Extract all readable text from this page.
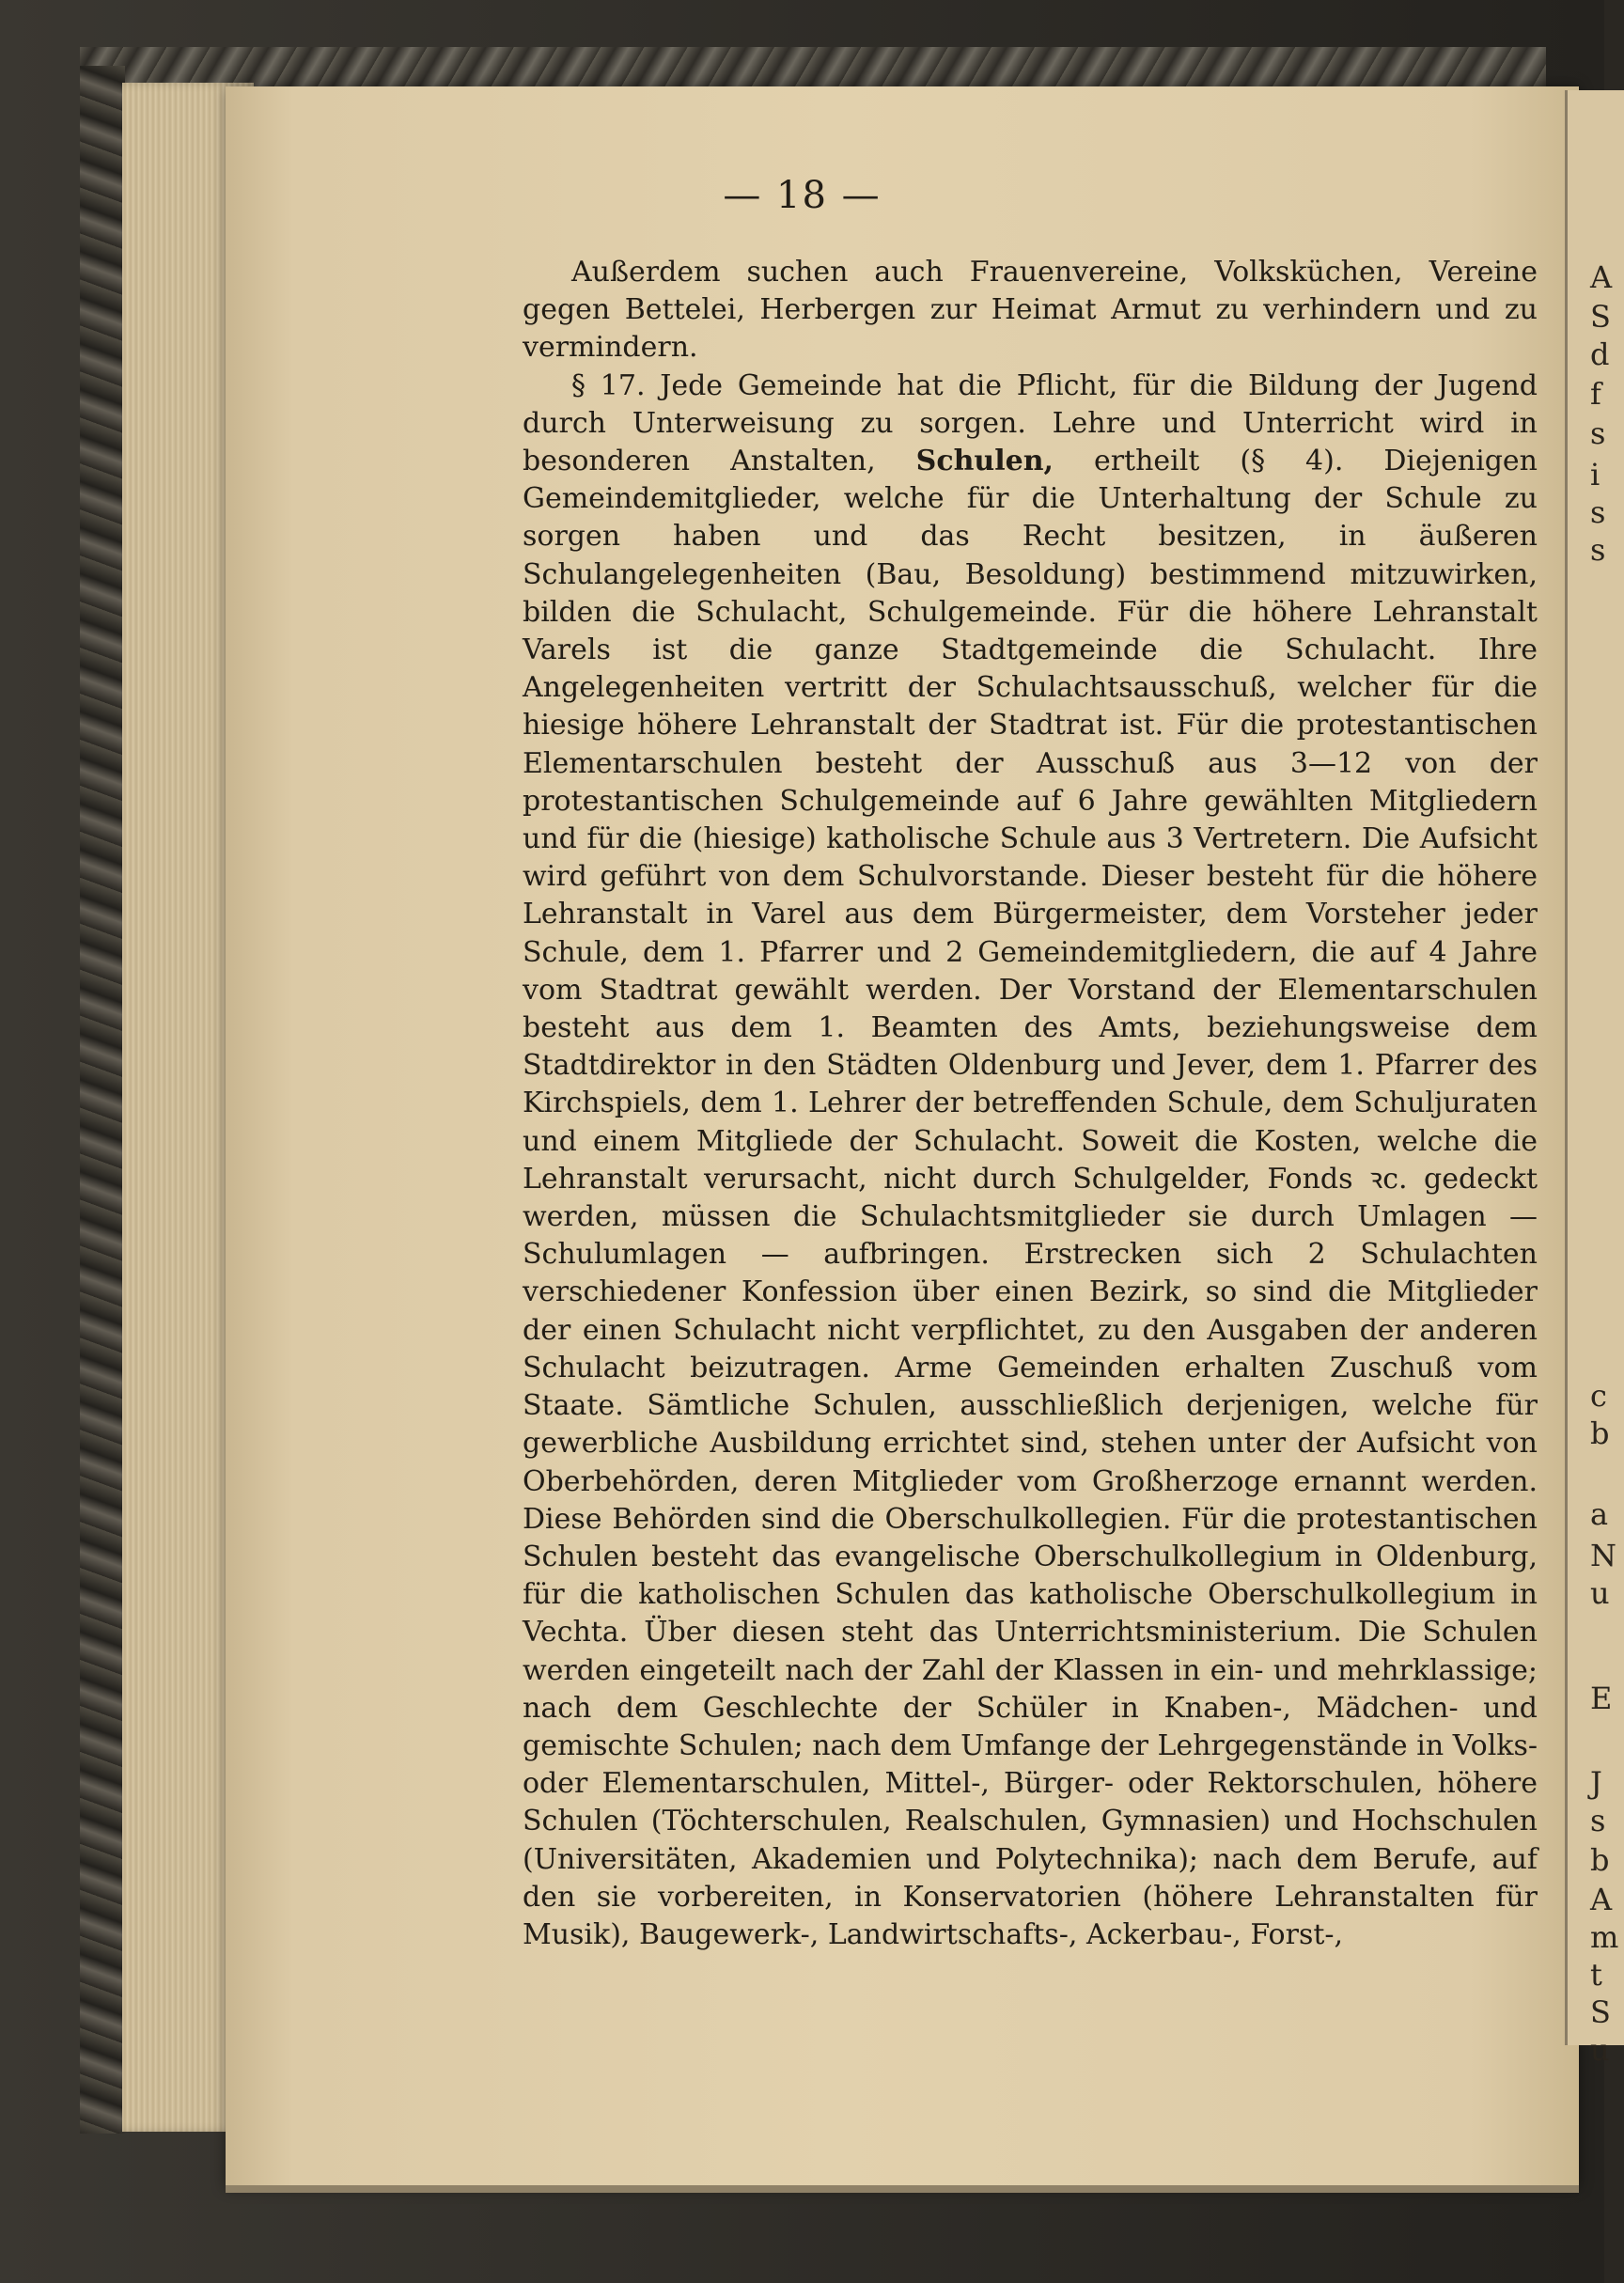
A
S
d
f
s
i
s
s
c
b
a
N
u
E
J
s
b
A
m
t
S
u
— 18 —

Außerdem suchen auch Frauenvereine, Volksküchen, Vereine gegen Bettelei, Herbergen zur Heimat Armut zu verhindern und zu vermindern.

§ 17. Jede Gemeinde hat die Pflicht, für die Bildung der Jugend durch Unterweisung zu sorgen. Lehre und Unterricht wird in besonderen Anstalten, Schulen, ertheilt (§ 4). Diejenigen Gemeindemitglieder, welche für die Unterhaltung der Schule zu sorgen haben und das Recht besitzen, in äußeren Schulangelegenheiten (Bau, Besoldung) bestimmend mitzuwirken, bilden die Schulacht, Schulgemeinde. Für die höhere Lehranstalt Varels ist die ganze Stadtgemeinde die Schulacht. Ihre Angelegenheiten vertritt der Schulachtsausschuß, welcher für die hiesige höhere Lehranstalt der Stadtrat ist. Für die protestantischen Elementarschulen besteht der Ausschuß aus 3—12 von der protestantischen Schulgemeinde auf 6 Jahre gewählten Mitgliedern und für die (hiesige) katholische Schule aus 3 Vertretern. Die Aufsicht wird geführt von dem Schulvorstande. Dieser besteht für die höhere Lehranstalt in Varel aus dem Bürgermeister, dem Vorsteher jeder Schule, dem 1. Pfarrer und 2 Gemeindemitgliedern, die auf 4 Jahre vom Stadtrat gewählt werden. Der Vorstand der Elementarschulen besteht aus dem 1. Beamten des Amts, beziehungsweise dem Stadtdirektor in den Städten Oldenburg und Jever, dem 1. Pfarrer des Kirchspiels, dem 1. Lehrer der betreffenden Schule, dem Schuljuraten und einem Mitgliede der Schulacht. Soweit die Kosten, welche die Lehranstalt verursacht, nicht durch Schulgelder, Fonds ꝛc. gedeckt werden, müssen die Schulachtsmitglieder sie durch Umlagen — Schulumlagen — aufbringen. Erstrecken sich 2 Schulachten verschiedener Konfession über einen Bezirk, so sind die Mitglieder der einen Schulacht nicht verpflichtet, zu den Ausgaben der anderen Schulacht beizutragen. Arme Gemeinden erhalten Zuschuß vom Staate. Sämtliche Schulen, ausschließlich derjenigen, welche für gewerbliche Ausbildung errichtet sind, stehen unter der Aufsicht von Oberbehörden, deren Mitglieder vom Großherzoge ernannt werden. Diese Behörden sind die Oberschulkollegien. Für die protestantischen Schulen besteht das evangelische Oberschulkollegium in Oldenburg, für die katholischen Schulen das katholische Oberschulkollegium in Vechta. Über diesen steht das Unterrichtsministerium. Die Schulen werden eingeteilt nach der Zahl der Klassen in ein- und mehrklassige; nach dem Geschlechte der Schüler in Knaben-, Mädchen- und gemischte Schulen; nach dem Umfange der Lehrgegenstände in Volks- oder Elementarschulen, Mittel-, Bürger- oder Rektorschulen, höhere Schulen (Töchterschulen, Realschulen, Gymnasien) und Hochschulen (Universitäten, Akademien und Polytechnika); nach dem Berufe, auf den sie vorbereiten, in Konservatorien (höhere Lehranstalten für Musik), Baugewerk-, Landwirtschafts-, Ackerbau-, Forst-,
